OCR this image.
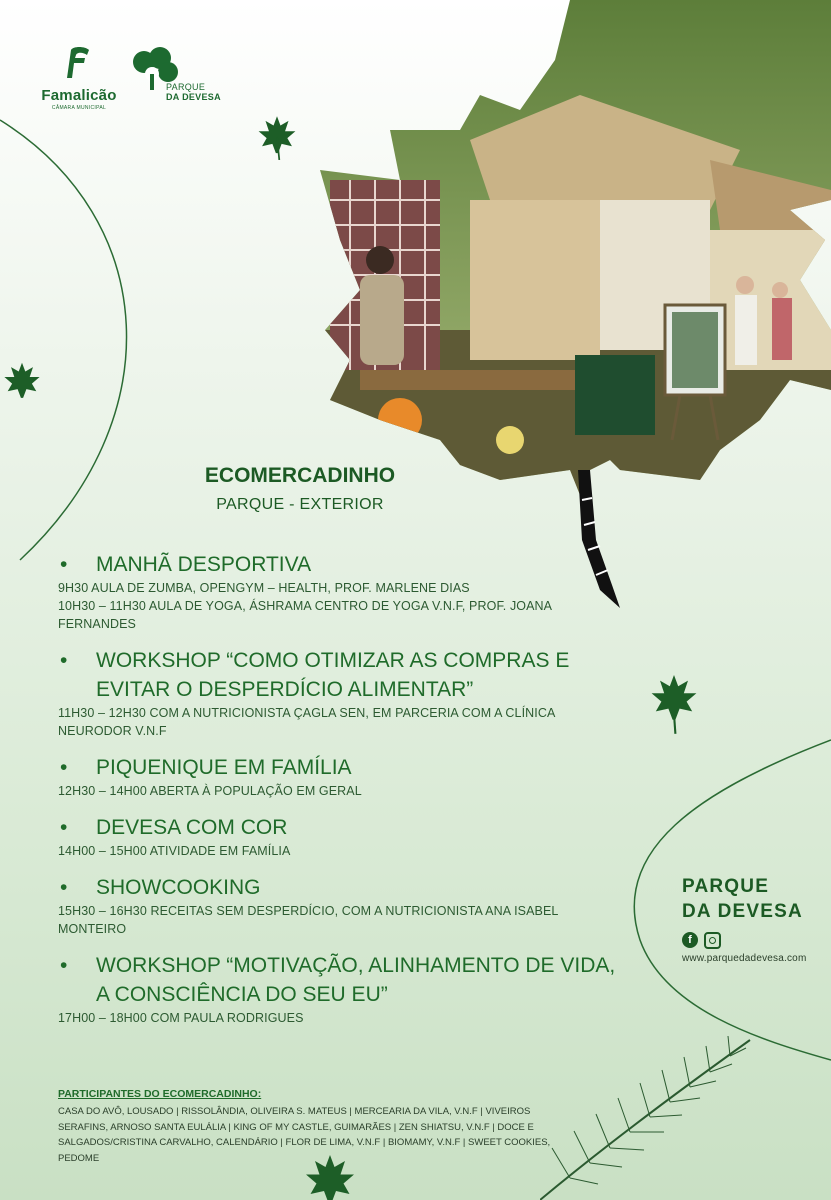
Famalicão
CÂMARA MUNICIPAL
PARQUE
DA DEVESA
ECOMERCADINHO
PARQUE - EXTERIOR
•	MANHÃ DESPORTIVA
9H30 AULA DE ZUMBA, OPENGYM – HEALTH, PROF. MARLENE DIAS
10H30 – 11H30 AULA DE YOGA, ÁSHRAMA CENTRO DE YOGA V.N.F, PROF. JOANA FERNANDES
•	WORKSHOP “COMO OTIMIZAR AS COMPRAS E EVITAR O DESPERDÍCIO ALIMENTAR”
11H30 – 12H30 COM A NUTRICIONISTA ÇAGLA SEN, EM PARCERIA COM A CLÍNICA NEURODOR V.N.F
•	PIQUENIQUE EM FAMÍLIA
12H30 – 14H00 ABERTA À POPULAÇÃO EM GERAL
•	DEVESA COM COR
14H00 – 15H00 ATIVIDADE EM FAMÍLIA
•	SHOWCOOKING
15H30 – 16H30 RECEITAS SEM DESPERDÍCIO, COM A NUTRICIONISTA ANA ISABEL MONTEIRO
•	WORKSHOP “MOTIVAÇÃO, ALINHAMENTO DE VIDA, A CONSCIÊNCIA DO SEU EU”
17H00 – 18H00 COM PAULA RODRIGUES
PARTICIPANTES DO ECOMERCADINHO:
CASA DO AVÔ, LOUSADO | RISSOLÂNDIA, OLIVEIRA S. MATEUS | MERCEARIA DA VILA, V.N.F | VIVEIROS SERAFINS, ARNOSO SANTA EULÁLIA | KING OF MY CASTLE, GUIMARÃES | ZEN SHIATSU, V.N.F | DOCE E SALGADOS/CRISTINA CARVALHO, CALENDÁRIO | FLOR DE LIMA, V.N.F | BIOMAMY, V.N.F | SWEET COOKIES, PEDOME
PARQUE
DA DEVESA
f
www.parquedadevesa.com
